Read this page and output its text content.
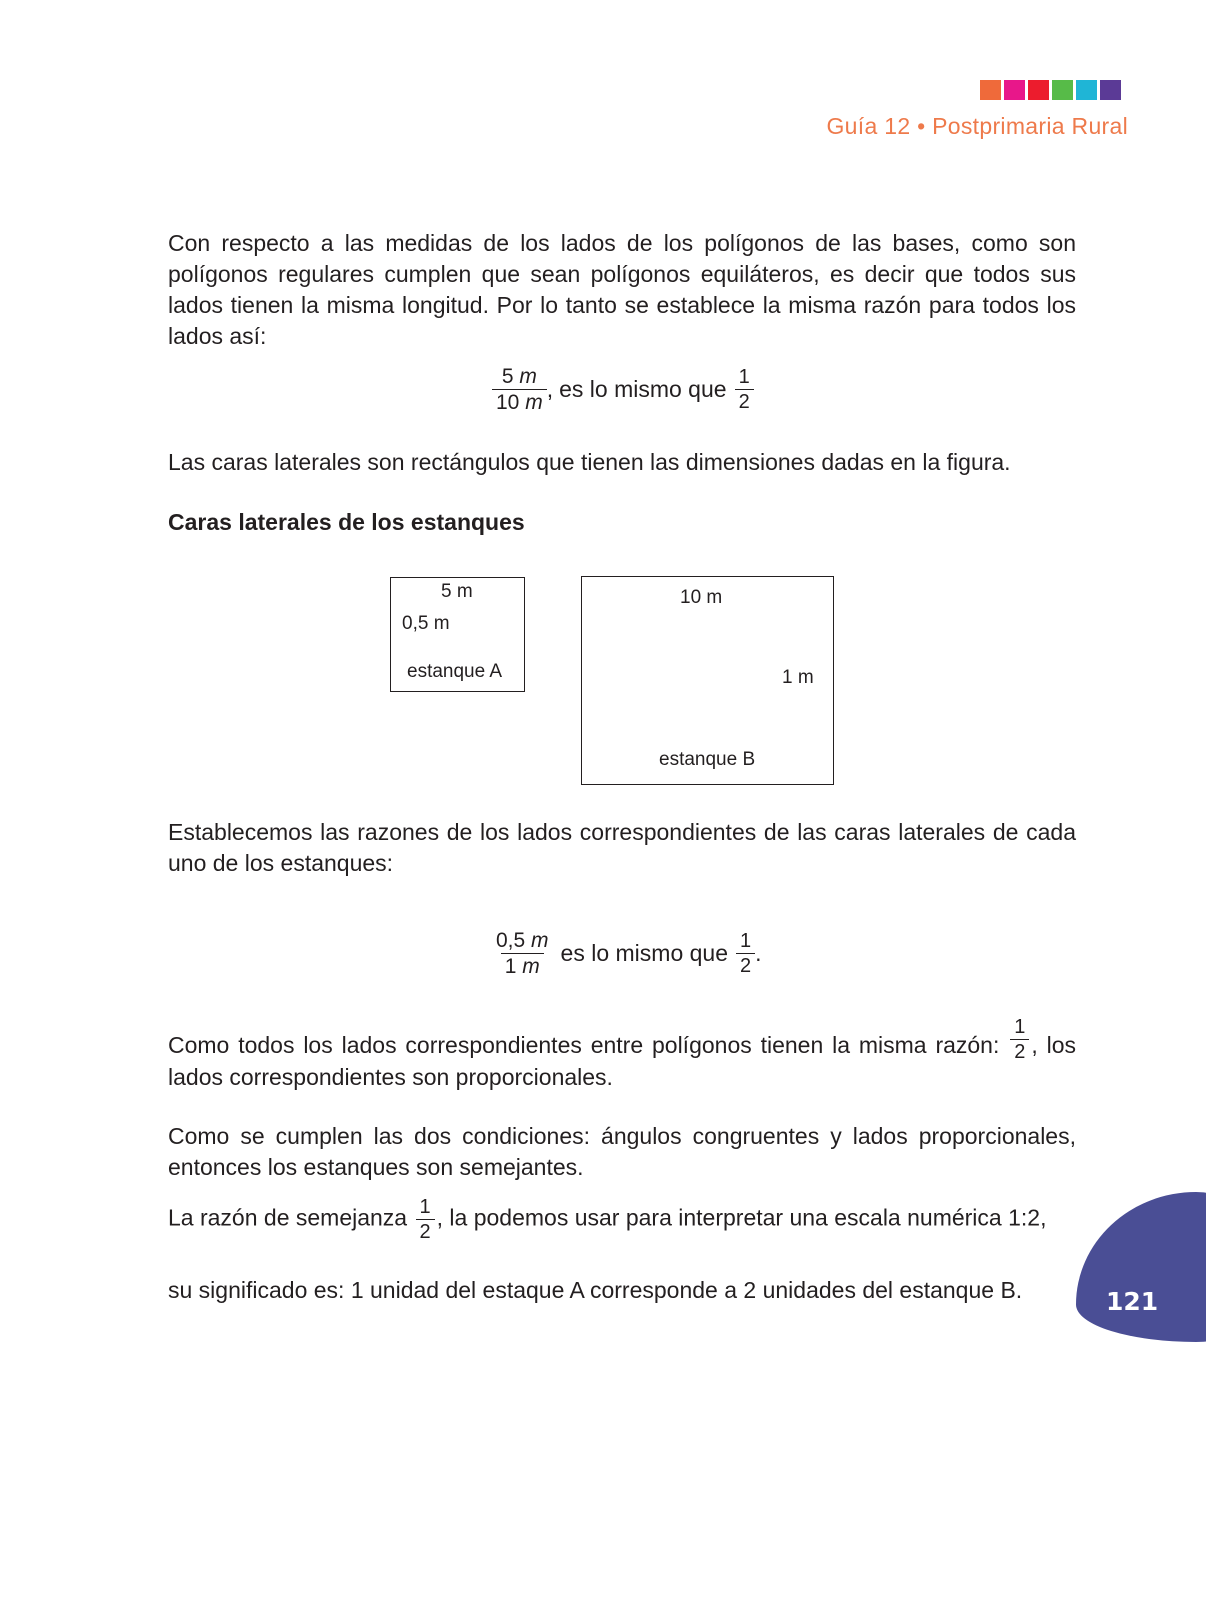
Guía 12 • Postprimaria Rural

Con respecto a las medidas de los lados de los polígonos de las bases, como son polígonos regulares cumplen que sean polígonos equiláteros, es decir que todos sus lados tienen la misma longitud. Por lo tanto se establece la misma razón para todos los lados así:

$\frac{5 m}{10 m}$ , es lo mismo que $\frac{1}{2}$

Las caras laterales son rectángulos que tienen las dimensiones dadas en la figura.

Caras laterales de los estanques
5 m
0,5 m
estanque A
10 m
1 m
estanque B

Establecemos las razones de los lados correspondientes de las caras laterales de cada uno de los estanques:

$\frac{0,5 m}{1 m}$ es lo mismo que $\frac{1}{2}$ .

Como todos los lados correspondientes entre polígonos tienen la misma razón: $\frac{1}{2}$ , los lados correspondientes son proporcionales.

Como se cumplen las dos condiciones: ángulos congruentes y lados proporcionales, entonces los estanques son semejantes.

La razón de semejanza $\frac{1}{2}$ , la podemos usar para interpretar una escala numérica 1:2,

su significado es: 1 unidad del estaque A corresponde a 2 unidades del estanque B.	121
